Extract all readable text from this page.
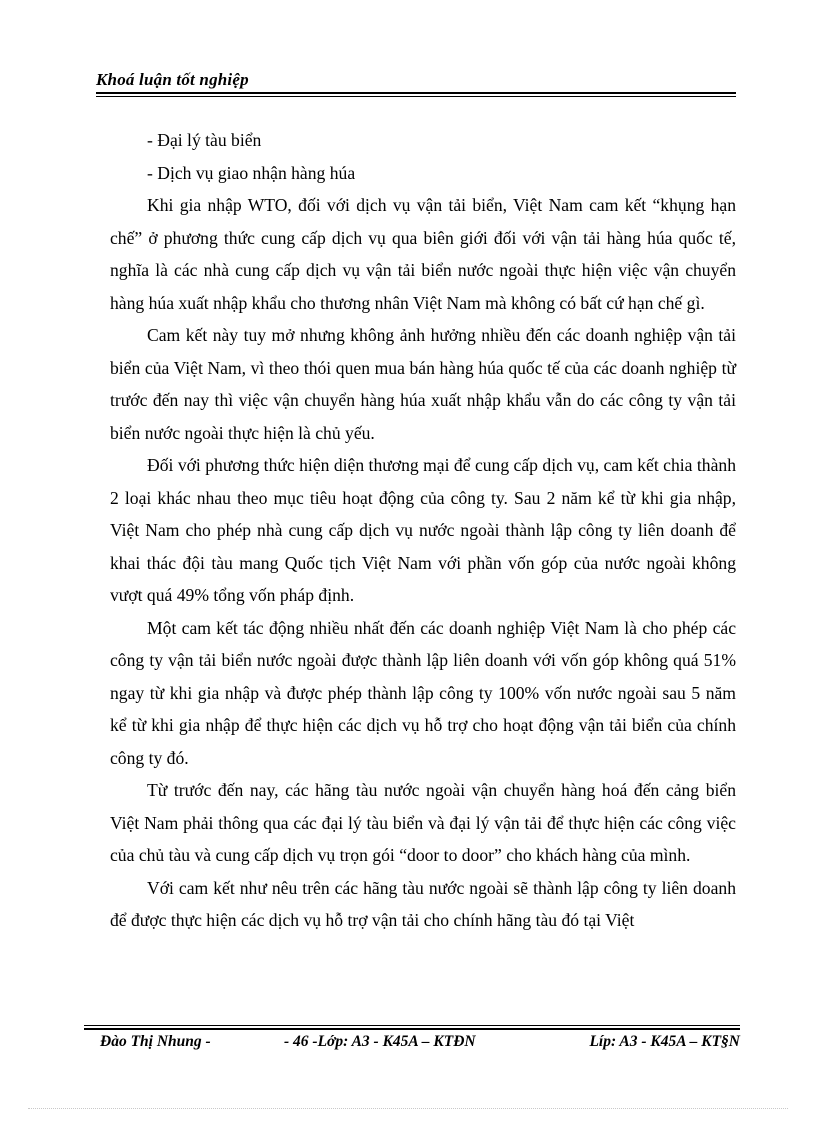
Khoá luận tốt nghiệp

- Đại lý tàu biển

- Dịch vụ giao nhận hàng húa

Khi gia nhập WTO, đối với dịch vụ vận tải biển, Việt Nam cam kết “khụng hạn chế” ở phương thức cung cấp dịch vụ qua biên giới đối với vận tải hàng húa quốc tế, nghĩa là các nhà cung cấp dịch vụ vận tải biển nước ngoài thực hiện việc vận chuyển hàng húa xuất nhập khẩu cho thương nhân Việt Nam mà không có bất cứ hạn chế gì.

Cam kết này tuy mở nhưng không ảnh hưởng nhiều đến các doanh nghiệp vận tải biển của Việt Nam, vì theo thói quen mua bán hàng húa quốc tế của các doanh nghiệp từ trước đến nay thì việc vận chuyển hàng húa xuất nhập khẩu vẫn do các công ty vận tải biển nước ngoài thực hiện là chủ yếu.

Đối với phương thức hiện diện thương mại để cung cấp dịch vụ, cam kết chia thành 2 loại khác nhau theo mục tiêu hoạt động của công ty. Sau 2 năm kể từ khi gia nhập, Việt Nam cho phép nhà cung cấp dịch vụ nước ngoài thành lập công ty liên doanh để khai thác đội tàu mang Quốc tịch Việt Nam với phần vốn góp của nước ngoài không vượt quá 49% tổng vốn pháp định.

Một cam kết tác động nhiều nhất đến các doanh nghiệp Việt Nam là cho phép các công ty vận tải biển nước ngoài được thành lập liên doanh với vốn góp không quá 51% ngay từ khi gia nhập và được phép thành lập công ty 100% vốn nước ngoài sau 5 năm kể từ khi gia nhập để thực hiện các dịch vụ hỗ trợ cho hoạt động vận tải biển của chính công ty đó.

Từ trước đến nay, các hãng tàu nước ngoài vận chuyển hàng hoá đến cảng biển Việt Nam phải thông qua các đại lý tàu biển và đại lý vận tải để thực hiện các công việc của chủ tàu và cung cấp dịch vụ trọn gói “door to door” cho khách hàng của mình.

Với cam kết như nêu trên các hãng tàu nước ngoài sẽ thành lập công ty liên doanh để được thực hiện các dịch vụ hỗ trợ vận tải cho chính hãng tàu đó tại Việt

Đào Thị Nhung -	- 46 -Lớp: A3 - K45A – KTĐN	Líp: A3 - K45A – KT§N
